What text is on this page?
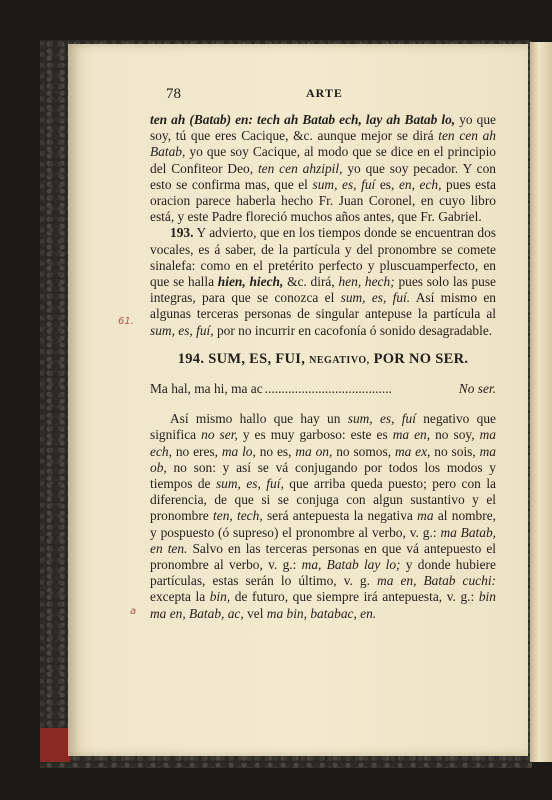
78	ARTE
61.
a

ten ah (Batab) en: tech ah Batab ech, lay ah Batab lo, yo que soy, tú que eres Cacique, &c. aunque mejor se dirá ten cen ah Batab, yo que soy Cacique, al modo que se dice en el principio del Confiteor Deo, ten cen ahzipil, yo que soy pecador. Y con esto se confirma mas, que el sum, es, fuí es, en, ech, pues esta oracion parece haberla hecho Fr. Juan Coronel, en cuyo libro está, y este Padre floreció muchos años antes, que Fr. Gabriel.

193. Y advierto, que en los tiempos donde se encuentran dos vocales, es á saber, de la partícula y del pronombre se comete sinalefa: como en el pretérito perfecto y pluscuamperfecto, en que se halla hien, hiech, &c. dirá, hen, hech; pues solo las puse integras, para que se conozca el sum, es, fuí. Así mismo en algunas terceras personas de singular antepuse la partícula al sum, es, fuí, por no incurrir en cacofonía ó sonido desagradable.

194. SUM, ES, FUI, NEGATIVO, POR NO SER.
Ma hal, ma hi, ma ac ......................................	No ser.

Así mismo hallo que hay un sum, es, fuí negativo que significa no ser, y es muy garboso: este es ma en, no soy, ma ech, no eres, ma lo, no es, ma on, no somos, ma ex, no sois, ma ob, no son: y así se vá conjugando por todos los modos y tiempos de sum, es, fuí, que arriba queda puesto; pero con la diferencia, de que si se conjuga con algun sustantivo y el pronombre ten, tech, será antepuesta la negativa ma al nombre, y pospuesto (ó supreso) el pronombre al verbo, v. g.: ma Batab, en ten. Salvo en las terceras personas en que vá antepuesto el pronombre al verbo, v. g.: ma, Batab lay lo; y donde hubiere partículas, estas serán lo último, v. g. ma en, Batab cuchi: excepta la bin, de futuro, que siempre irá antepuesta, v. g.: bin ma en, Batab, ac, vel ma bin, batabac, en.
